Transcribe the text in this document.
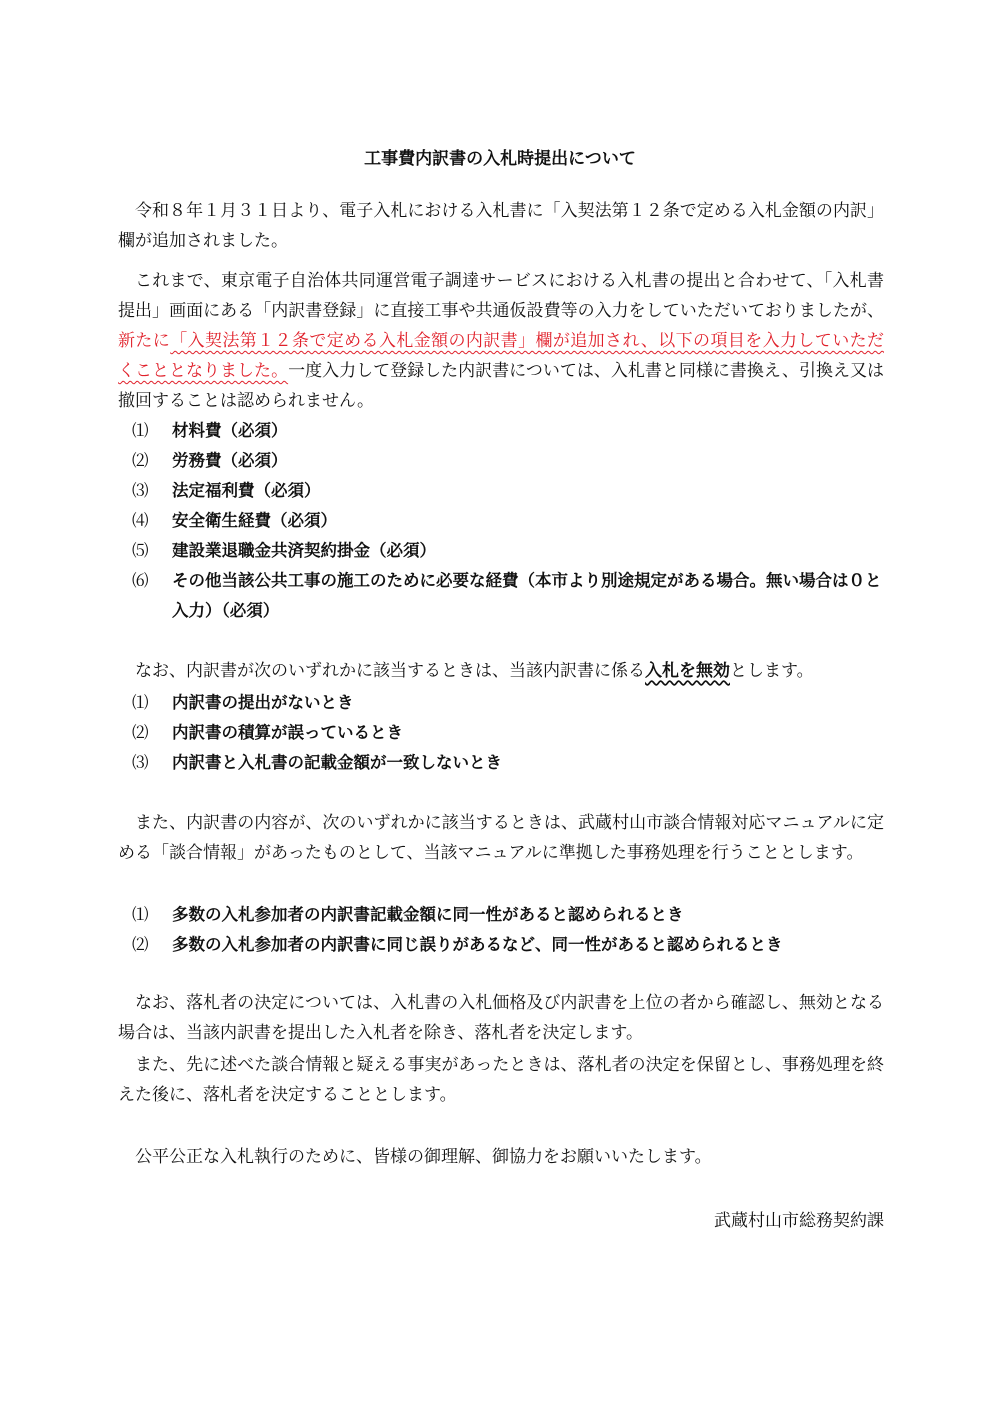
工事費内訳書の入札時提出について

令和８年１月３１日より、電子入札における入札書に「入契法第１２条で定める入札金額の内訳」欄が追加されました。

これまで、東京電子自治体共同運営電子調達サービスにおける入札書の提出と合わせて、「入札書提出」画面にある「内訳書登録」に直接工事や共通仮設費等の入力をしていただいておりましたが、新たに「入契法第１２条で定める入札金額の内訳書」欄が追加され、以下の項目を入力していただくこととなりました。一度入力して登録した内訳書については、入札書と同様に書換え、引換え又は撤回することは認められません。

⑴ 材料費（必須）
⑵ 労務費（必須）
⑶ 法定福利費（必須）
⑷ 安全衛生経費（必須）
⑸ 建設業退職金共済契約掛金（必須）
⑹ その他当該公共工事の施工のために必要な経費（本市より別途規定がある場合。無い場合は０と入力）（必須）

なお、内訳書が次のいずれかに該当するときは、当該内訳書に係る入札を無効とします。

⑴ 内訳書の提出がないとき
⑵ 内訳書の積算が誤っているとき
⑶ 内訳書と入札書の記載金額が一致しないとき

また、内訳書の内容が、次のいずれかに該当するときは、武蔵村山市談合情報対応マニュアルに定める「談合情報」があったものとして、当該マニュアルに準拠した事務処理を行うこととします。

⑴ 多数の入札参加者の内訳書記載金額に同一性があると認められるとき
⑵ 多数の入札参加者の内訳書に同じ誤りがあるなど、同一性があると認められるとき

なお、落札者の決定については、入札書の入札価格及び内訳書を上位の者から確認し、無効となる場合は、当該内訳書を提出した入札者を除き、落札者を決定します。

また、先に述べた談合情報と疑える事実があったときは、落札者の決定を保留とし、事務処理を終えた後に、落札者を決定することとします。

公平公正な入札執行のために、皆様の御理解、御協力をお願いいたします。

武蔵村山市総務契約課
